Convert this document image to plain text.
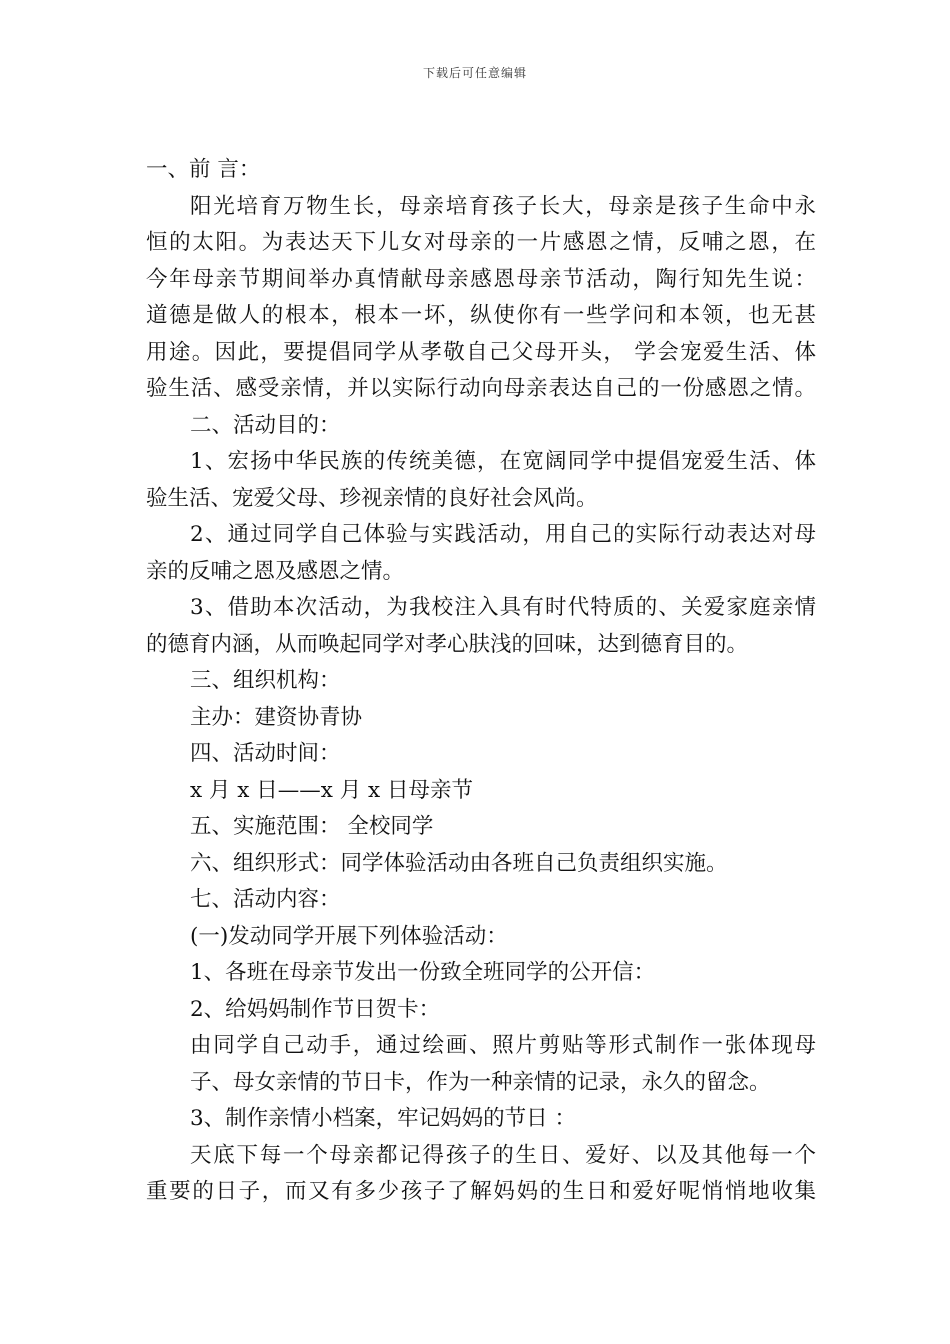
下载后可任意编辑
一、前 言：
阳光培育万物生长，母亲培育孩子长大，母亲是孩子生命中永
恒的太阳。为表达天下儿女对母亲的一片感恩之情，反哺之恩，在
今年母亲节期间举办真情献母亲感恩母亲节活动，陶行知先生说：
道德是做人的根本，根本一坏，纵使你有一些学问和本领，也无甚
用途。因此，要提倡同学从孝敬自己父母开头， 学会宠爱生活、体
验生活、感受亲情，并以实际行动向母亲表达自己的一份感恩之情。
二、活动目的：
1、宏扬中华民族的传统美德，在宽阔同学中提倡宠爱生活、体
验生活、宠爱父母、珍视亲情的良好社会风尚。
2、通过同学自己体验与实践活动，用自己的实际行动表达对母
亲的反哺之恩及感恩之情。
3、借助本次活动，为我校注入具有时代特质的、关爱家庭亲情
的德育内涵，从而唤起同学对孝心肤浅的回味，达到德育目的。
三、组织机构：
主办：建资协青协
四、活动时间：
x 月 x 日——x 月 x 日母亲节
五、实施范围： 全校同学
六、组织形式：同学体验活动由各班自己负责组织实施。
七、活动内容：
(一)发动同学开展下列体验活动：
1、各班在母亲节发出一份致全班同学的公开信：
2、给妈妈制作节日贺卡：
由同学自己动手，通过绘画、照片剪贴等形式制作一张体现母
子、母女亲情的节日卡，作为一种亲情的记录，永久的留念。
3、制作亲情小档案，牢记妈妈的节日 ：
天底下每一个母亲都记得孩子的生日、爱好、以及其他每一个
重要的日子，而又有多少孩子了解妈妈的生日和爱好呢悄悄地收集
